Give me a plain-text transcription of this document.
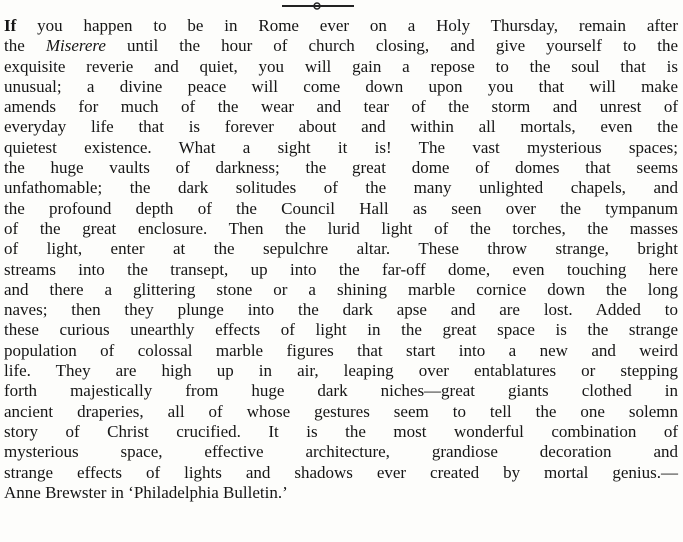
If you happen to be in Rome ever on a Holy Thursday, remain after
the Miserere until the hour of church closing, and give yourself to the
exquisite reverie and quiet, you will gain a repose to the soul that is
unusual; a divine peace will come down upon you that will make
amends for much of the wear and tear of the storm and unrest of
everyday life that is forever about and within all mortals, even the
quietest existence. What a sight it is! The vast mysterious spaces;
the huge vaults of darkness; the great dome of domes that seems
unfathomable; the dark solitudes of the many unlighted chapels, and
the profound depth of the Council Hall as seen over the tympanum
of the great enclosure. Then the lurid light of the torches, the masses
of light, enter at the sepulchre altar. These throw strange, bright
streams into the transept, up into the far-off dome, even touching here
and there a glittering stone or a shining marble cornice down the long
naves; then they plunge into the dark apse and are lost. Added to
these curious unearthly effects of light in the great space is the strange
population of colossal marble figures that start into a new and weird
life. They are high up in air, leaping over entablatures or stepping
forth majestically from huge dark niches—great giants clothed in
ancient draperies, all of whose gestures seem to tell the one solemn
story of Christ crucified. It is the most wonderful combination of
mysterious space, effective architecture, grandiose decoration and
strange effects of lights and shadows ever created by mortal genius.—
Anne Brewster in ‘Philadelphia Bulletin.’
